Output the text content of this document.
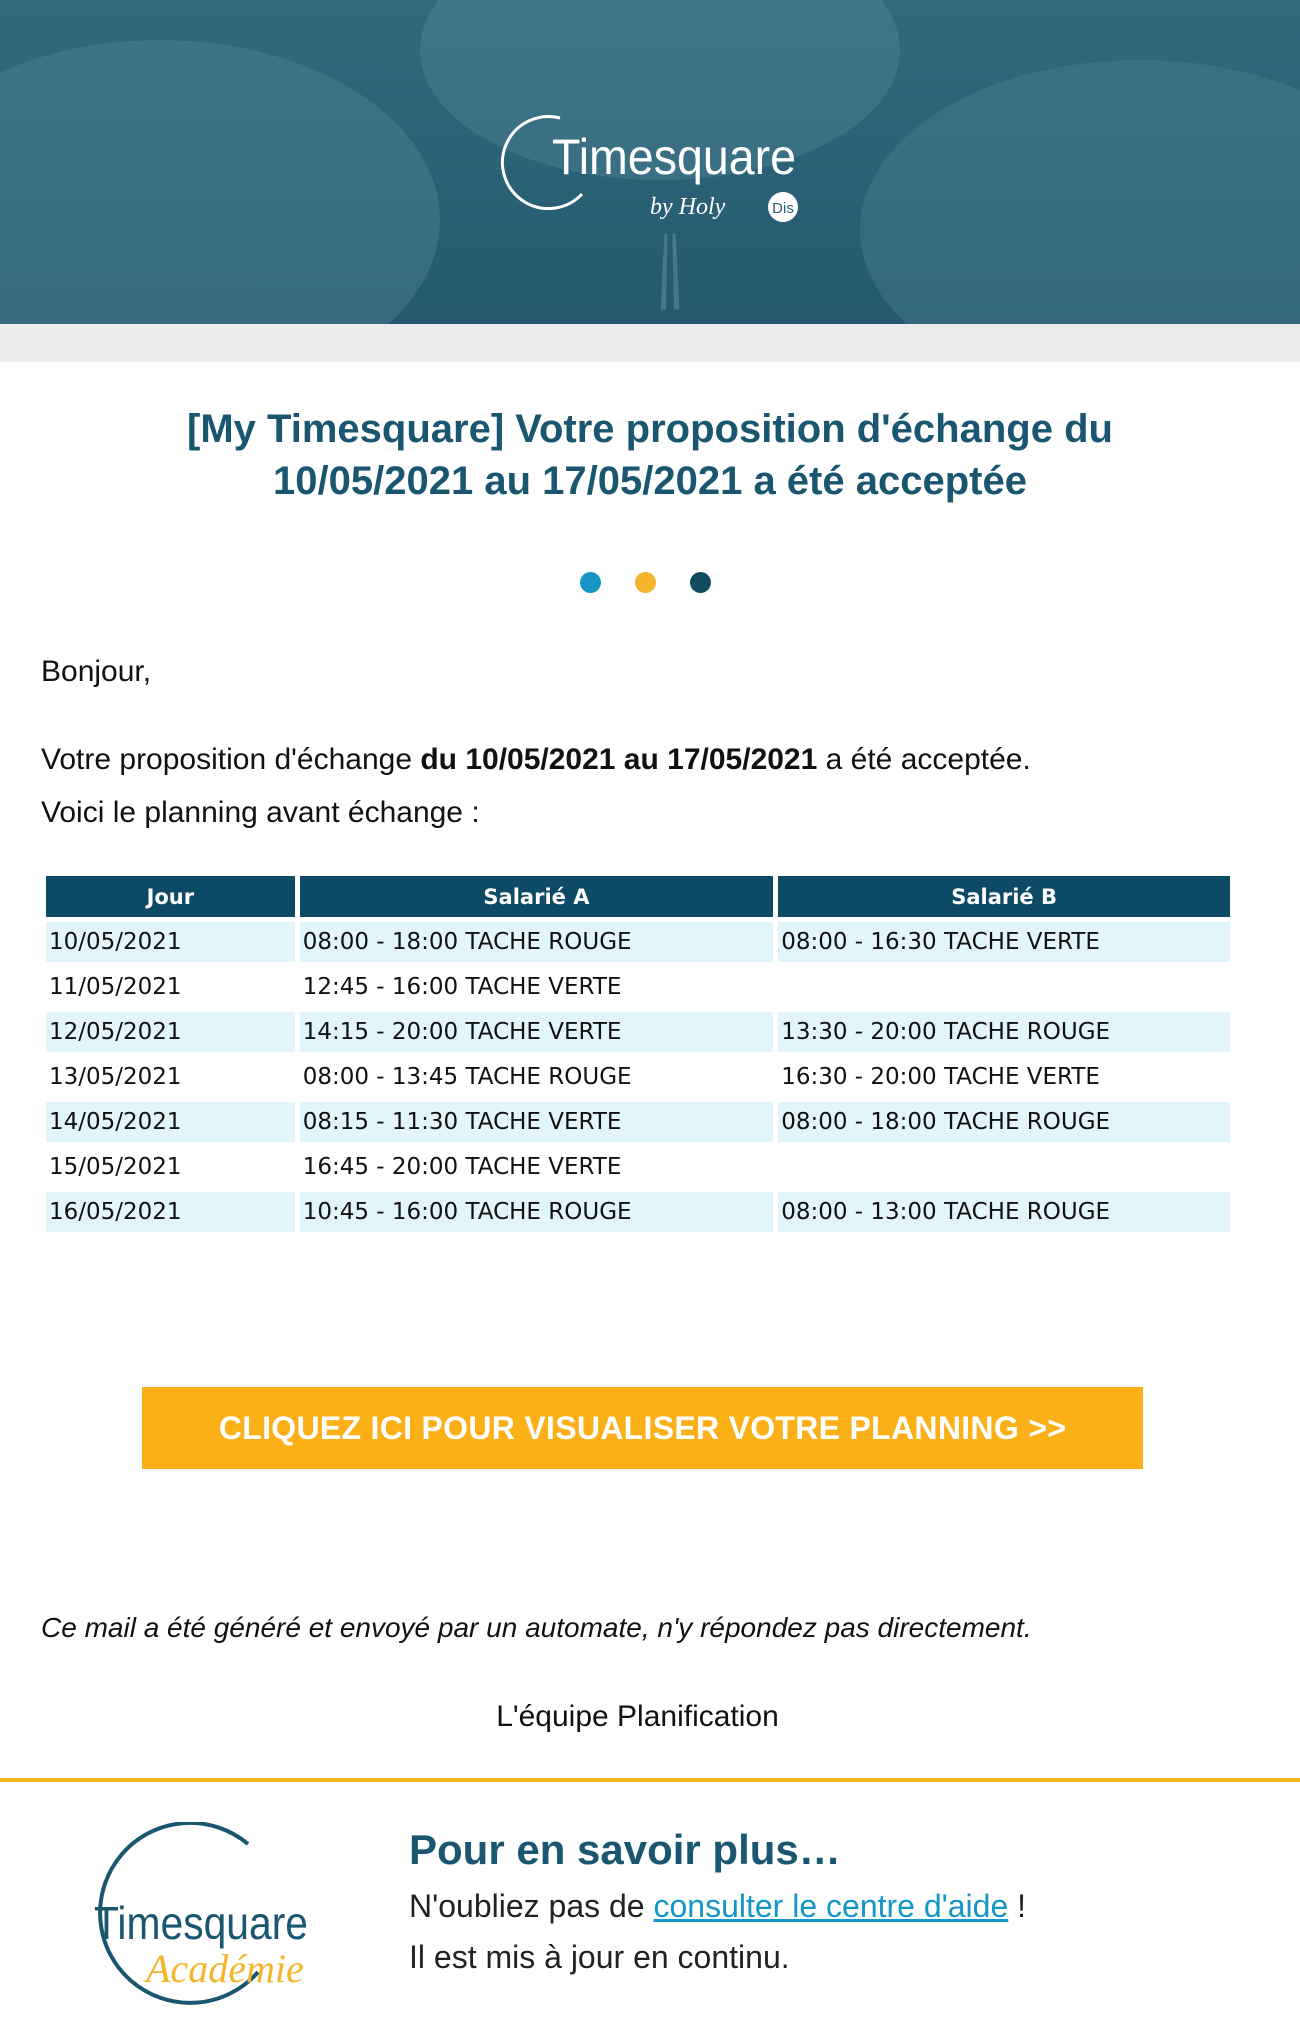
Timesquare
by Holy	Dis
[My Timesquare] Votre proposition d'échange du
10/05/2021 au 17/05/2021 a été acceptée

Bonjour,

Votre proposition d'échange du 10/05/2021 au 17/05/2021 a été acceptée.

Voici le planning avant échange :

Jour	Salarié A	Salarié B
10/05/2021	08:00 - 18:00 TACHE ROUGE	08:00 - 16:30 TACHE VERTE
11/05/2021	12:45 - 16:00 TACHE VERTE	
12/05/2021	14:15 - 20:00 TACHE VERTE	13:30 - 20:00 TACHE ROUGE
13/05/2021	08:00 - 13:45 TACHE ROUGE	16:30 - 20:00 TACHE VERTE
14/05/2021	08:15 - 11:30 TACHE VERTE	08:00 - 18:00 TACHE ROUGE
15/05/2021	16:45 - 20:00 TACHE VERTE	
16/05/2021	10:45 - 16:00 TACHE ROUGE	08:00 - 13:00 TACHE ROUGE
CLIQUEZ ICI POUR VISUALISER VOTRE PLANNING >>

Ce mail a été généré et envoyé par un automate, n'y répondez pas directement.

L'équipe Planification

Timesquare
Académie
Pour en savoir plus…

N'oubliez pas de consulter le centre d'aide !

Il est mis à jour en continu.
